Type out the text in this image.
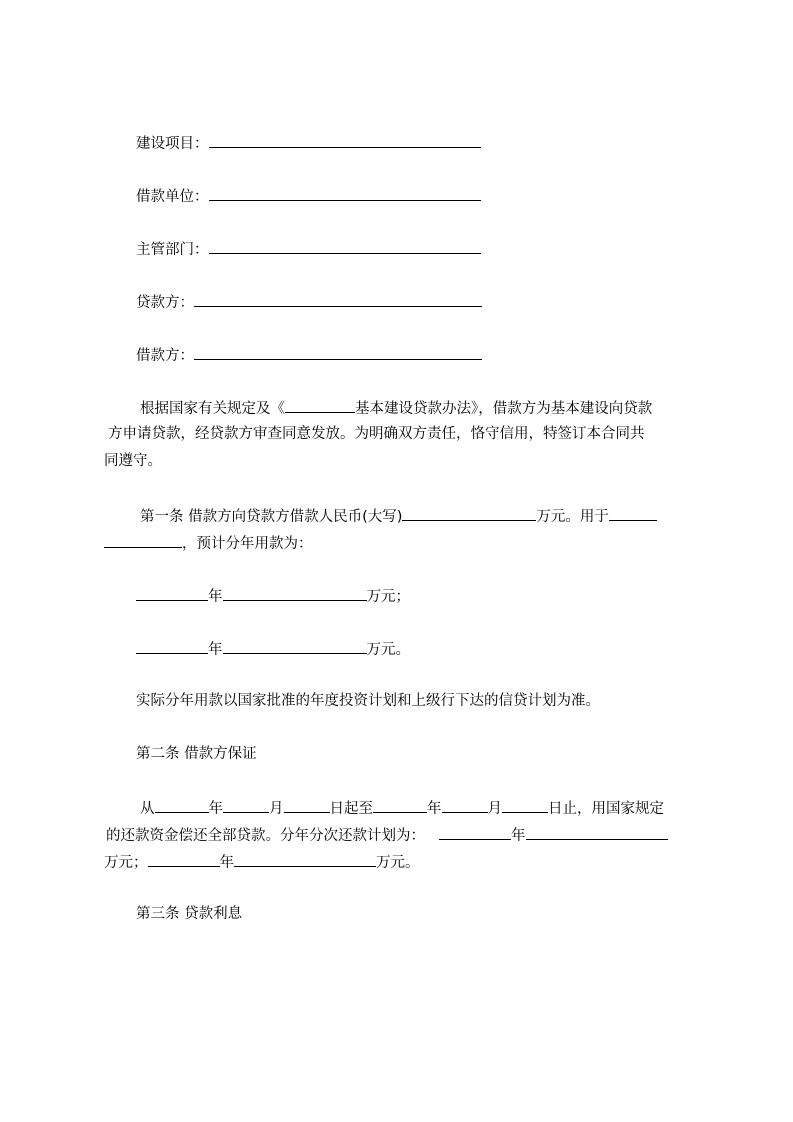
建设项目：
借款单位：
主管部门：
贷款方：
借款方：
根据国家有关规定及《	基本建设贷款办法》，借款方为基本建设向贷款
方申请贷款，经贷款方审查同意发放。为明确双方责任，恪守信用，特签订本合同共
同遵守。
第一条 借款方向贷款方借款人民币(大写)	万元。用于
，预计分年用款为：
年	万元；
年	万元。
实际分年用款以国家批准的年度投资计划和上级行下达的信贷计划为准。
第二条 借款方保证
从	年	月	日起至	年	月	日止，用国家规定
的还款资金偿还全部贷款。分年分次还款计划为：	年
万元；	年	万元。
第三条 贷款利息
